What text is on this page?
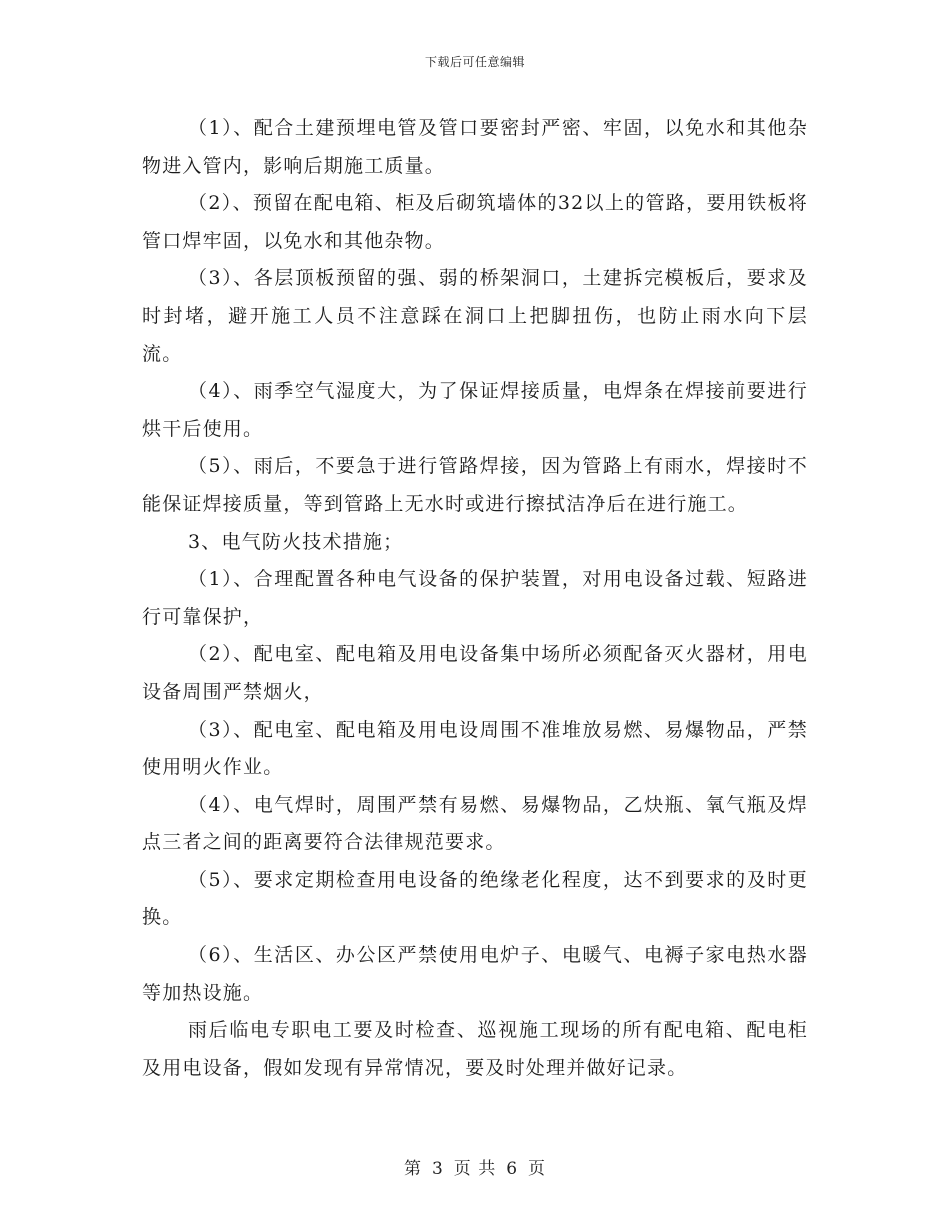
下载后可任意编辑

（1）、配合土建预埋电管及管口要密封严密、牢固，以免水和其他杂物进入管内，影响后期施工质量。

（2）、预留在配电箱、柜及后砌筑墙体的32以上的管路，要用铁板将管口焊牢固，以免水和其他杂物。

（3）、各层顶板预留的强、弱的桥架洞口，土建拆完模板后，要求及时封堵，避开施工人员不注意踩在洞口上把脚扭伤，也防止雨水向下层流。

（4）、雨季空气湿度大，为了保证焊接质量，电焊条在焊接前要进行烘干后使用。

（5）、雨后，不要急于进行管路焊接，因为管路上有雨水，焊接时不能保证焊接质量，等到管路上无水时或进行擦拭洁净后在进行施工。

3、电气防火技术措施；

（1）、合理配置各种电气设备的保护装置，对用电设备过载、短路进行可靠保护，

（2）、配电室、配电箱及用电设备集中场所必须配备灭火器材，用电设备周围严禁烟火，

（3）、配电室、配电箱及用电设周围不准堆放易燃、易爆物品，严禁使用明火作业。

（4）、电气焊时，周围严禁有易燃、易爆物品，乙炔瓶、氧气瓶及焊点三者之间的距离要符合法律规范要求。

（5）、要求定期检查用电设备的绝缘老化程度，达不到要求的及时更换。

（6）、生活区、办公区严禁使用电炉子、电暖气、电褥子家电热水器等加热设施。

雨后临电专职电工要及时检查、巡视施工现场的所有配电箱、配电柜及用电设备，假如发现有异常情况，要及时处理并做好记录。

第 3 页 共 6 页
